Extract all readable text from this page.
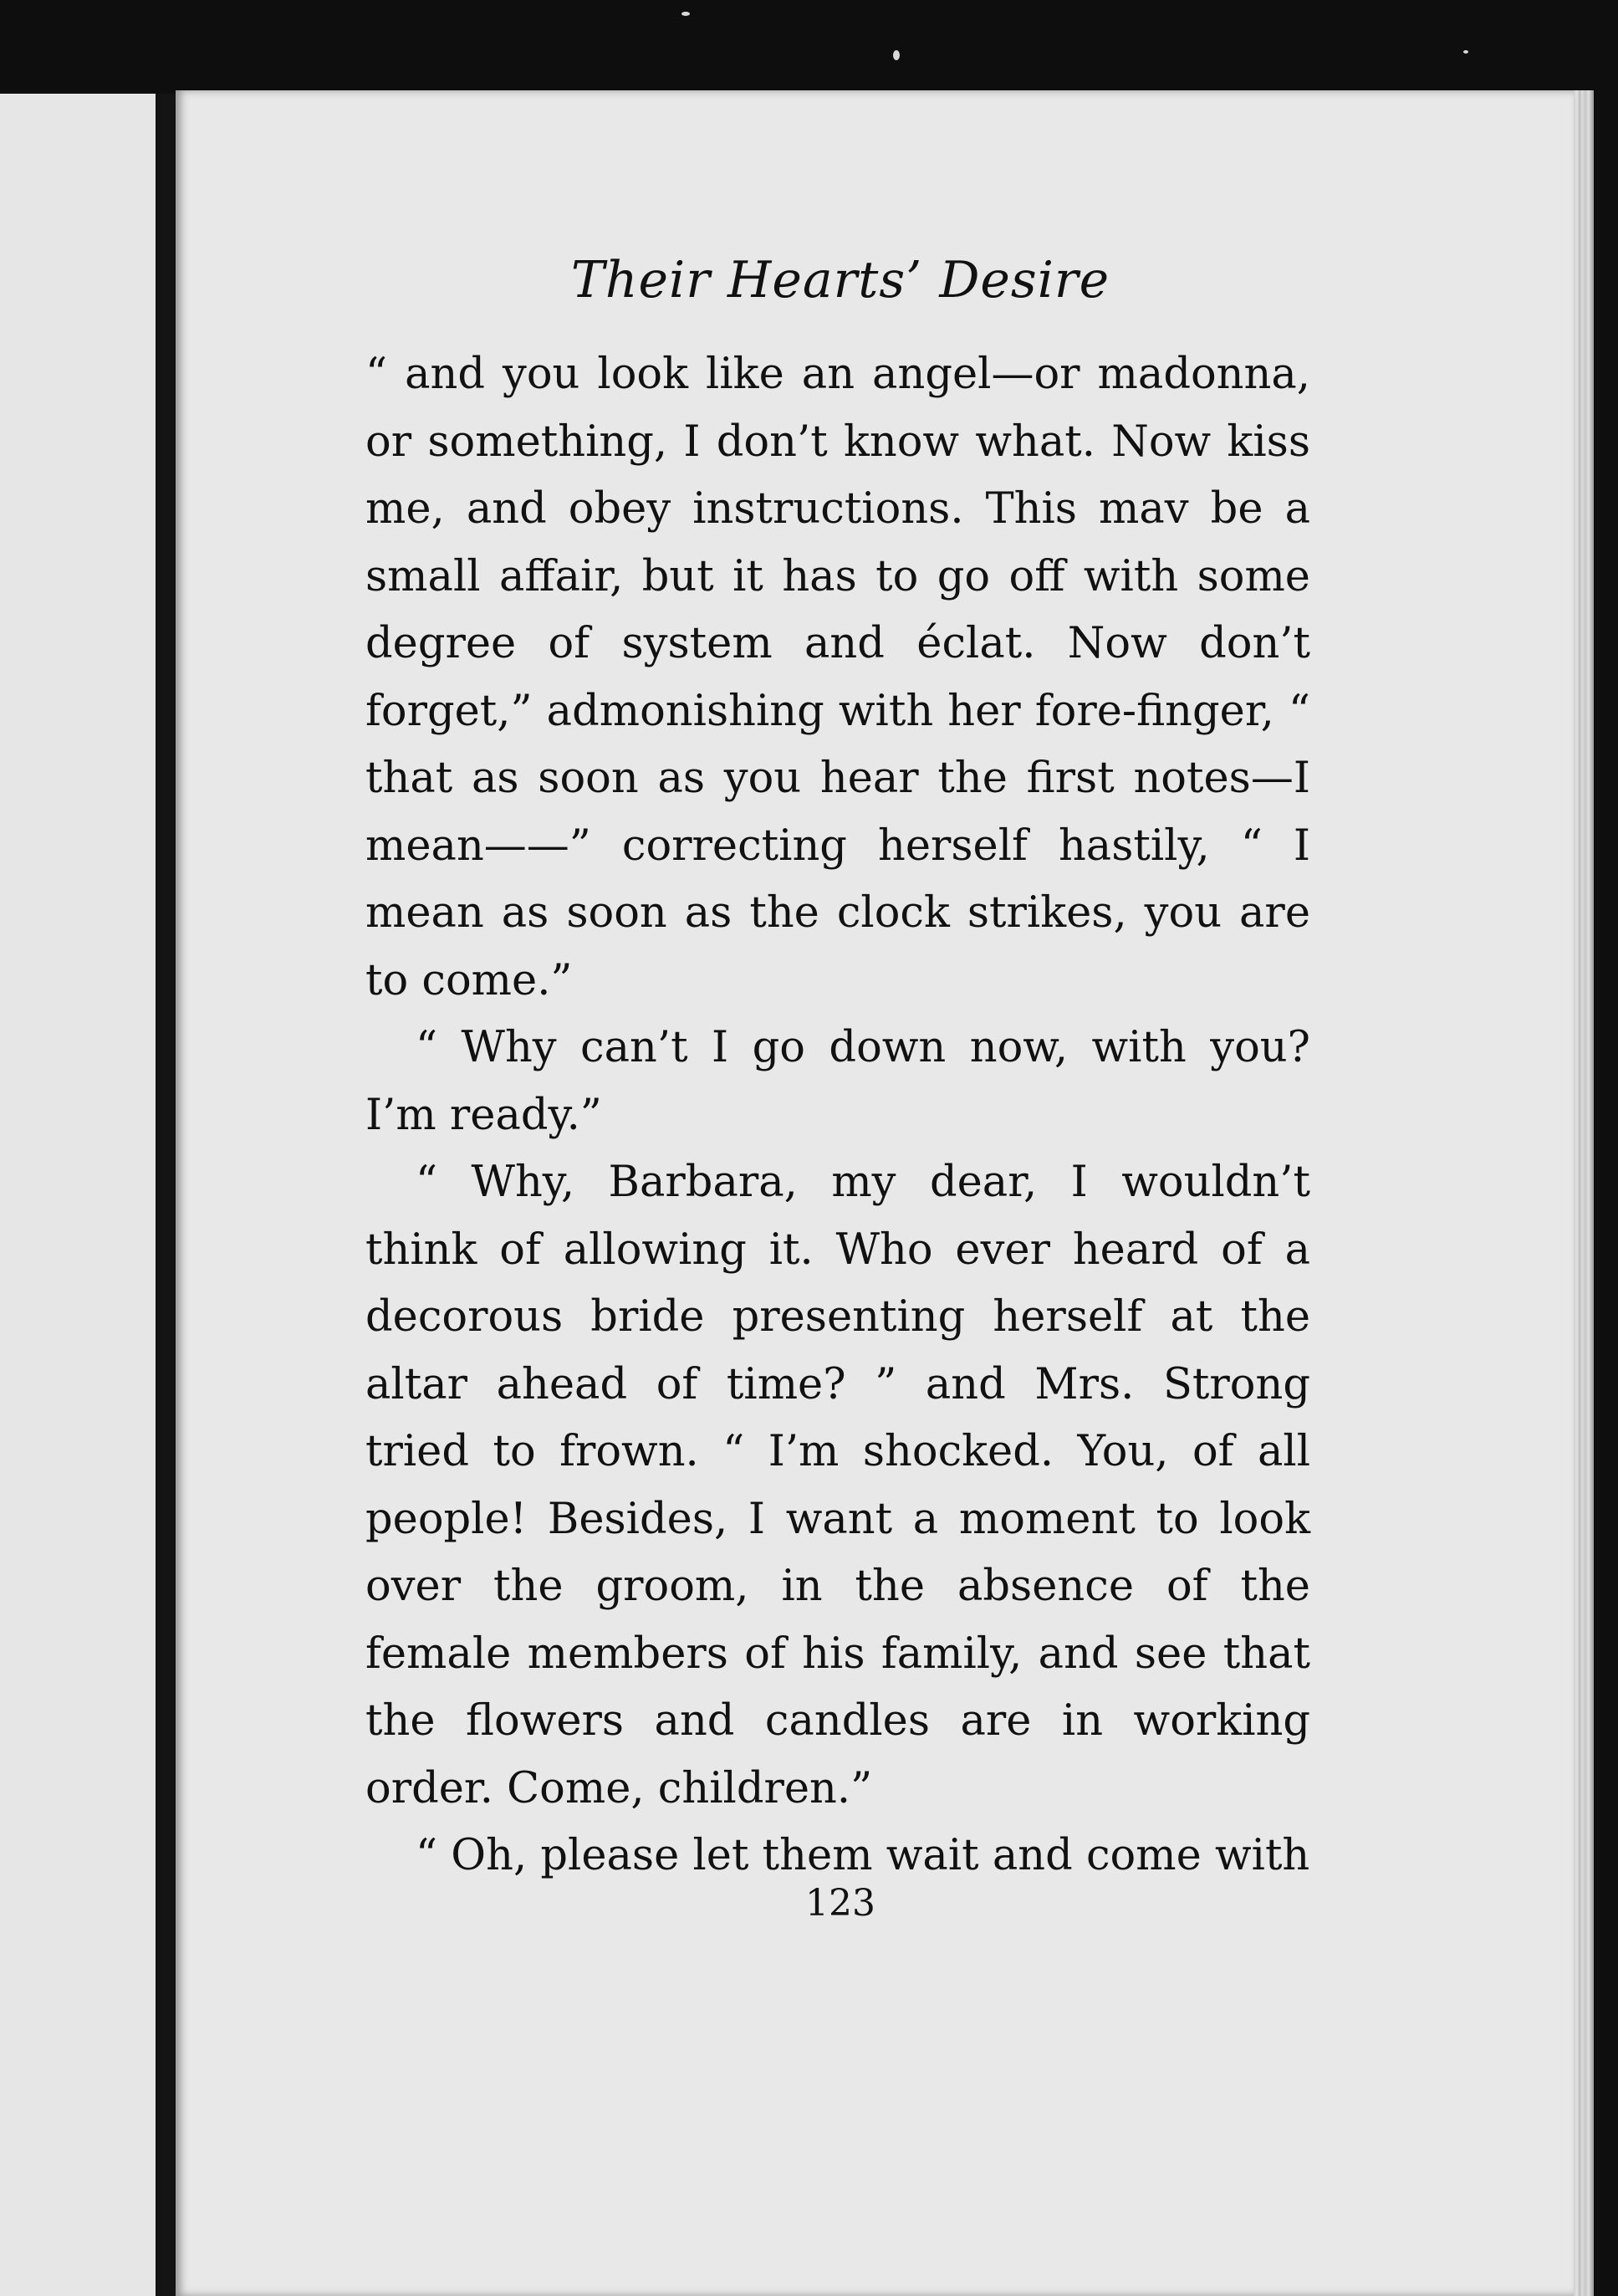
Their Hearts’ Desire

“ and you look like an angel—or madonna, or something, I don’t know what. Now kiss me, and obey instructions. This mav be a small affair, but it has to go off with some degree of system and éclat. Now don’t forget,” admonishing with her fore-finger, “ that as soon as you hear the first notes—I mean——” correcting herself hastily, “ I mean as soon as the clock strikes, you are to come.”

“ Why can’t I go down now, with you? I’m ready.”

“ Why, Barbara, my dear, I wouldn’t think of allowing it. Who ever heard of a decorous bride presenting herself at the altar ahead of time? ” and Mrs. Strong tried to frown. “ I’m shocked. You, of all people! Besides, I want a moment to look over the groom, in the absence of the female members of his family, and see that the flowers and candles are in working order. Come, children.”

“ Oh, please let them wait and come with

123
